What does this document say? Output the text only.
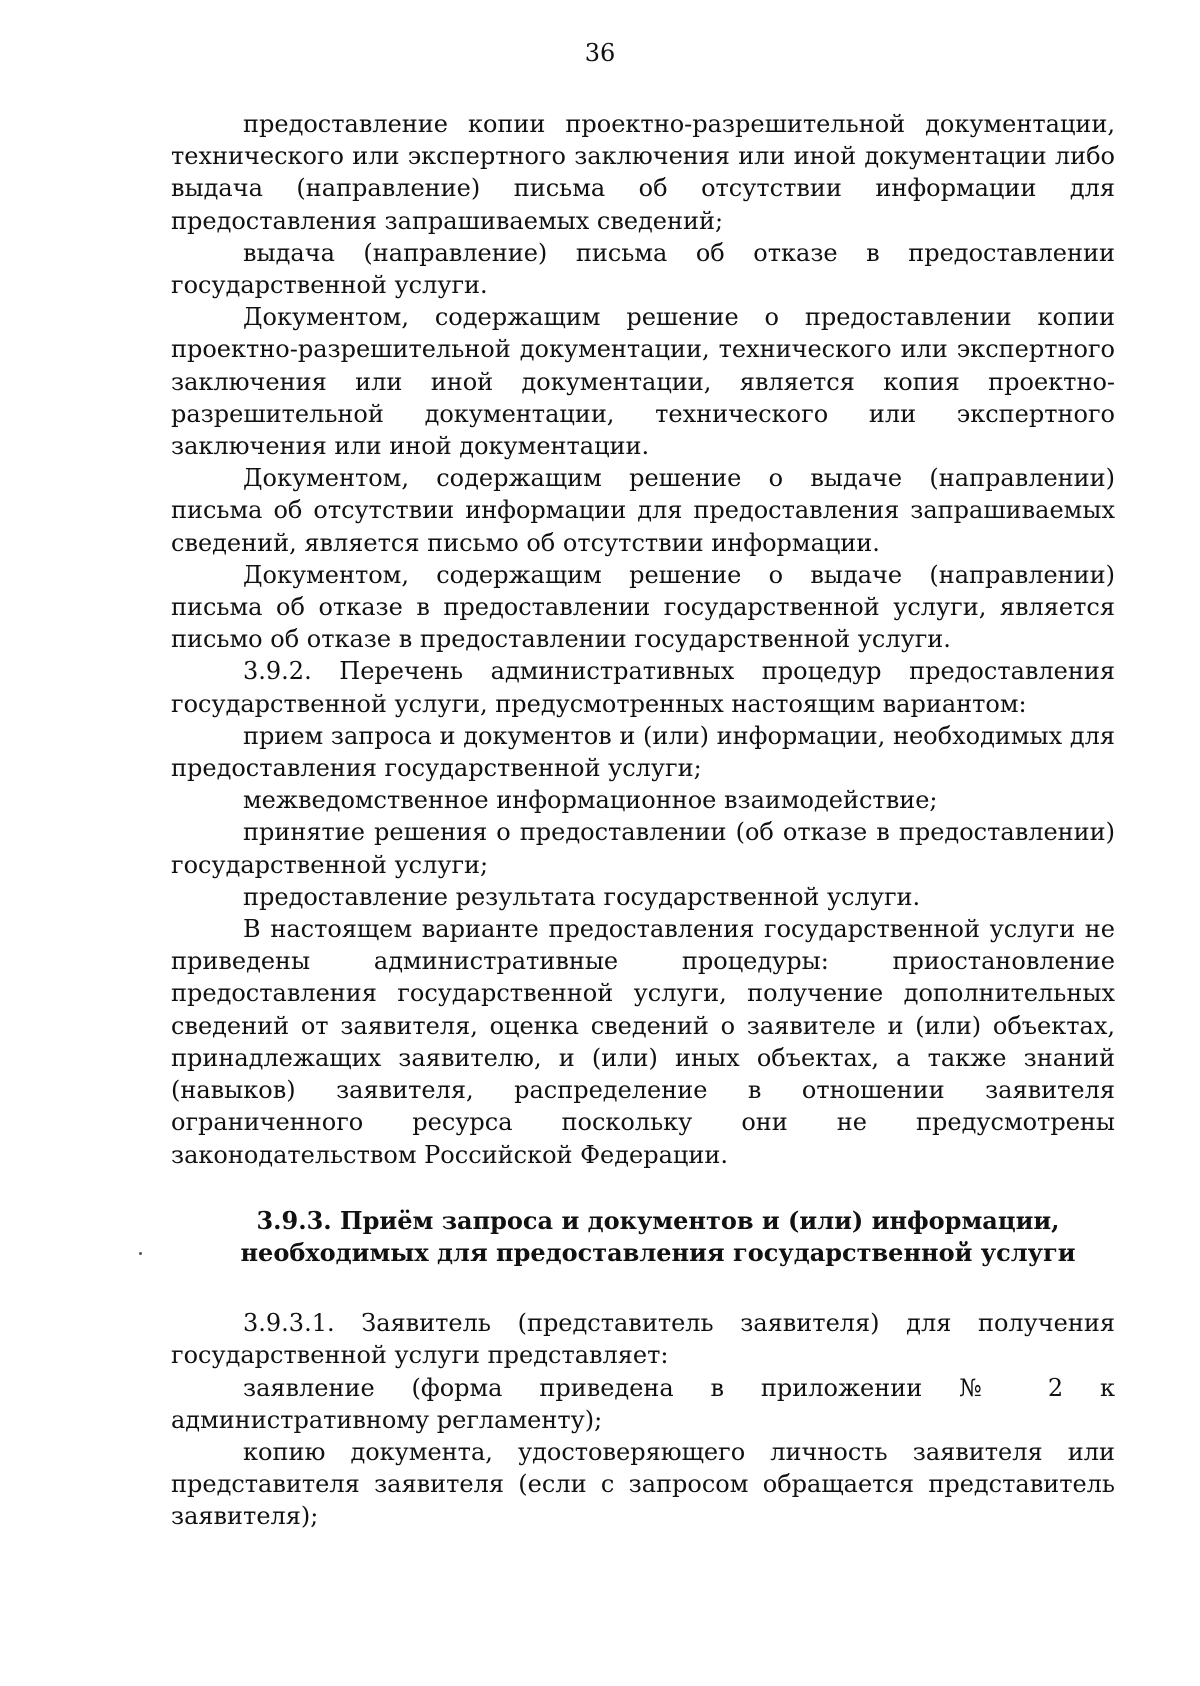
36

предоставление копии проектно-разрешительной документации, технического или экспертного заключения или иной документации либо выдача (направление) письма об отсутствии информации для предоставления запрашиваемых сведений;

выдача (направление) письма об отказе в предоставлении государственной услуги.

Документом, содержащим решение о предоставлении копии проектно-разрешительной документации, технического или экспертного заключения или иной документации, является копия проектно-разрешительной документации, технического или экспертного заключения или иной документации.

Документом, содержащим решение о выдаче (направлении) письма об отсутствии информации для предоставления запрашиваемых сведений, является письмо об отсутствии информации.

Документом, содержащим решение о выдаче (направлении) письма об отказе в предоставлении государственной услуги, является письмо об отказе в предоставлении государственной услуги.

3.9.2. Перечень административных процедур предоставления государственной услуги, предусмотренных настоящим вариантом:

прием запроса и документов и (или) информации, необходимых для предоставления государственной услуги;

межведомственное информационное взаимодействие;

принятие решения о предоставлении (об отказе в предоставлении) государственной услуги;

предоставление результата государственной услуги.

В настоящем варианте предоставления государственной услуги не приведены административные процедуры: приостановление предоставления государственной услуги, получение дополнительных сведений от заявителя, оценка сведений о заявителе и (или) объектах, принадлежащих заявителю, и (или) иных объектах, а также знаний (навыков) заявителя, распределение в отношении заявителя ограниченного ресурса поскольку они не предусмотрены законодательством Российской Федерации.

3.9.3. Приём запроса и документов и (или) информации,
необходимых для предоставления государственной услуги

3.9.3.1. Заявитель (представитель заявителя) для получения государственной услуги представляет:

заявление (форма приведена в приложении № 2 к административному регламенту);

копию документа, удостоверяющего личность заявителя или представителя заявителя (если с запросом обращается представитель заявителя);
